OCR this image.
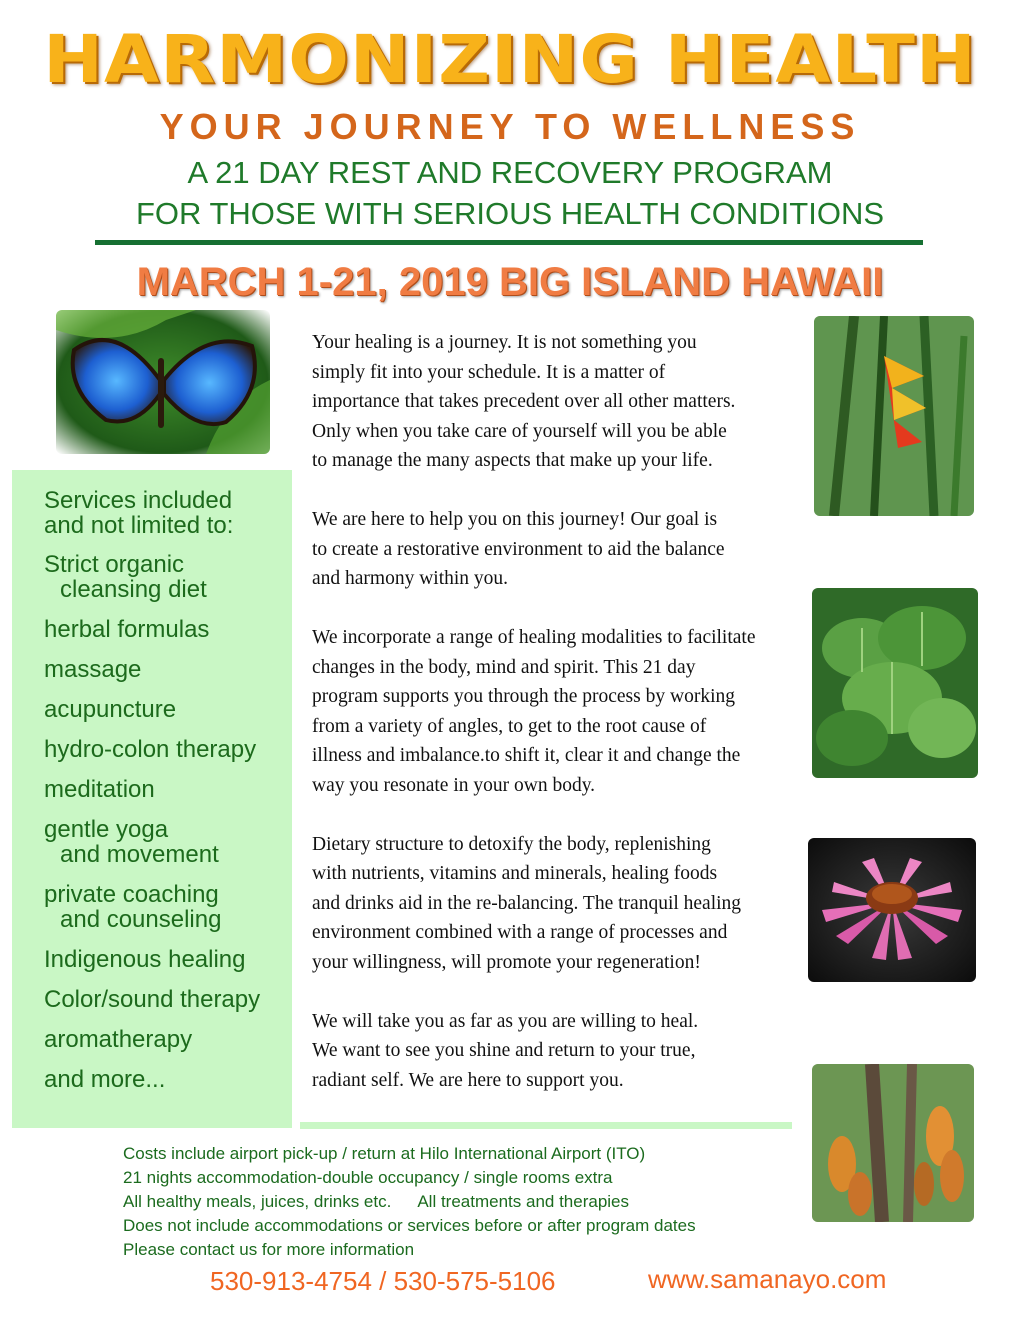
HARMONIZING HEALTH
YOUR JOURNEY TO WELLNESS
A 21 DAY REST AND RECOVERY PROGRAM
FOR THOSE WITH SERIOUS HEALTH CONDITIONS
MARCH 1-21, 2019 BIG ISLAND HAWAII
Services included
and not limited to:
Strict organic
cleansing diet
herbal formulas
massage
acupuncture
hydro-colon therapy
meditation
gentle yoga
and movement
private coaching
and counseling
Indigenous healing
Color/sound therapy
aromatherapy
and more...

Your healing is a journey. It is not something you
simply fit into your schedule. It is a matter of
importance that takes precedent over all other matters.
Only when you take care of yourself will you be able
to manage the many aspects that make up your life.

We are here to help you on this journey! Our goal is
to create a restorative environment to aid the balance
and harmony within you.

We incorporate a range of healing modalities to facilitate
changes in the body, mind and spirit. This 21 day
program supports you through the process by working
from a variety of angles, to get to the root cause of
illness and imbalance.to shift it, clear it and change the
way you resonate in your own body.

Dietary structure to detoxify the body, replenishing
with nutrients, vitamins and minerals, healing foods
and drinks aid in the re-balancing. The tranquil healing
environment combined with a range of processes and
your willingness, will promote your regeneration!

We will take you as far as you are willing to heal.
We want to see you shine and return to your true,
radiant self. We are here to support you.

Costs include airport pick-up / return at Hilo International Airport (ITO)
21 nights accommodation-double occupancy / single rooms extra
All healthy meals, juices, drinks etc. All treatments and therapies
Does not include accommodations or services before or after program dates
Please contact us for more information
530-913-4754 / 530-575-5106	www.samanayo.com
